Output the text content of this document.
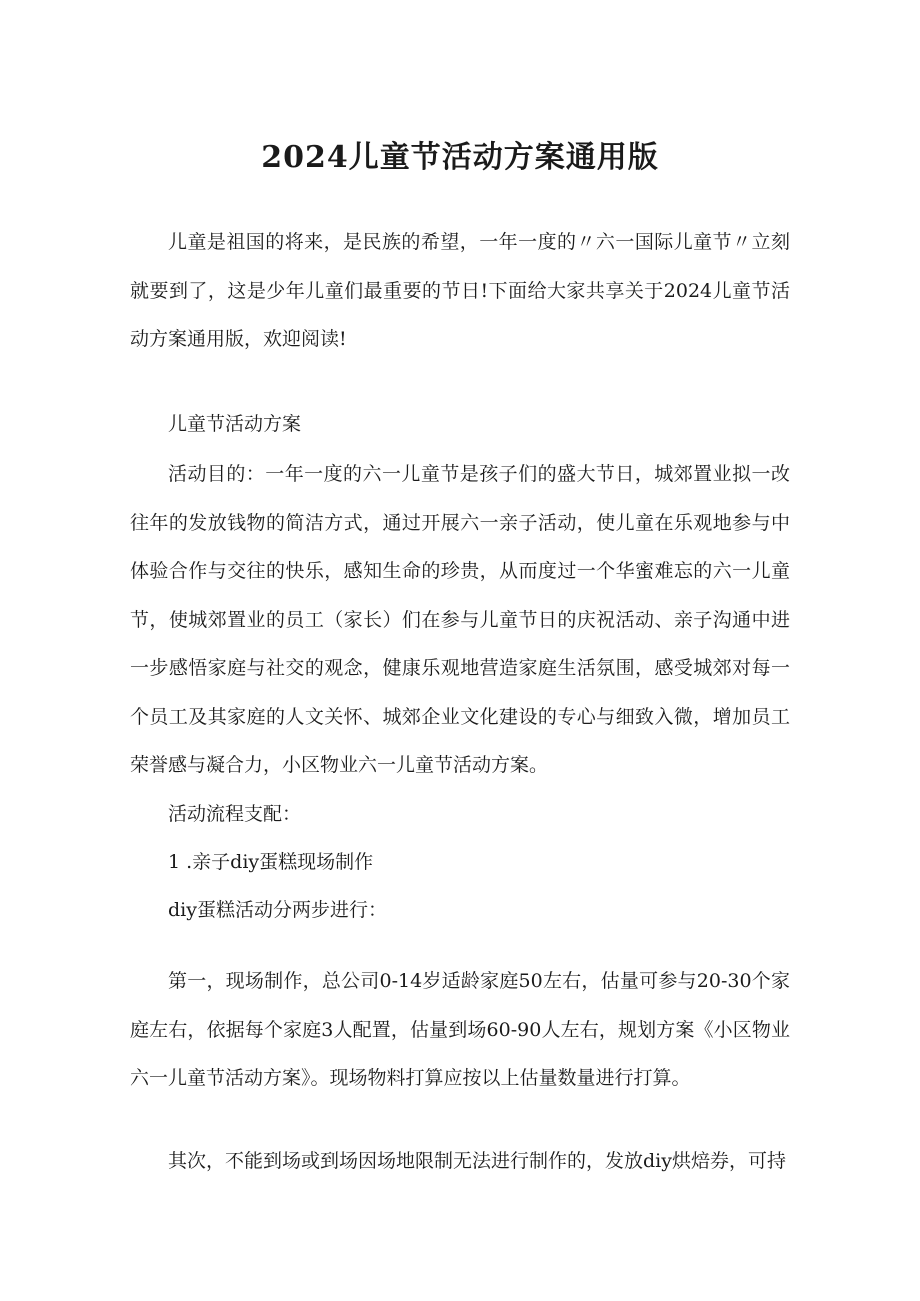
2024儿童节活动方案通用版

儿童是祖国的将来，是民族的希望，一年一度的〃六一国际儿童节〃立刻就要到了，这是少年儿童们最重要的节日!下面给大家共享关于2024儿童节活动方案通用版，欢迎阅读!

儿童节活动方案

活动目的：一年一度的六一儿童节是孩子们的盛大节日，城郊置业拟一改往年的发放钱物的简洁方式，通过开展六一亲子活动，使儿童在乐观地参与中体验合作与交往的快乐，感知生命的珍贵，从而度过一个华蜜难忘的六一儿童节，使城郊置业的员工（家长）们在参与儿童节日的庆祝活动、亲子沟通中进一步感悟家庭与社交的观念，健康乐观地营造家庭生活氛围，感受城郊对每一个员工及其家庭的人文关怀、城郊企业文化建设的专心与细致入微，增加员工荣誉感与凝合力，小区物业六一儿童节活动方案。

活动流程支配：

1 .亲子diy蛋糕现场制作

diy蛋糕活动分两步进行：

第一，现场制作，总公司0-14岁适龄家庭50左右，估量可参与20-30个家庭左右，依据每个家庭3人配置，估量到场60-90人左右，规划方案《小区物业六一儿童节活动方案》。现场物料打算应按以上估量数量进行打算。

其次，不能到场或到场因场地限制无法进行制作的，发放diy烘焙券，可持
